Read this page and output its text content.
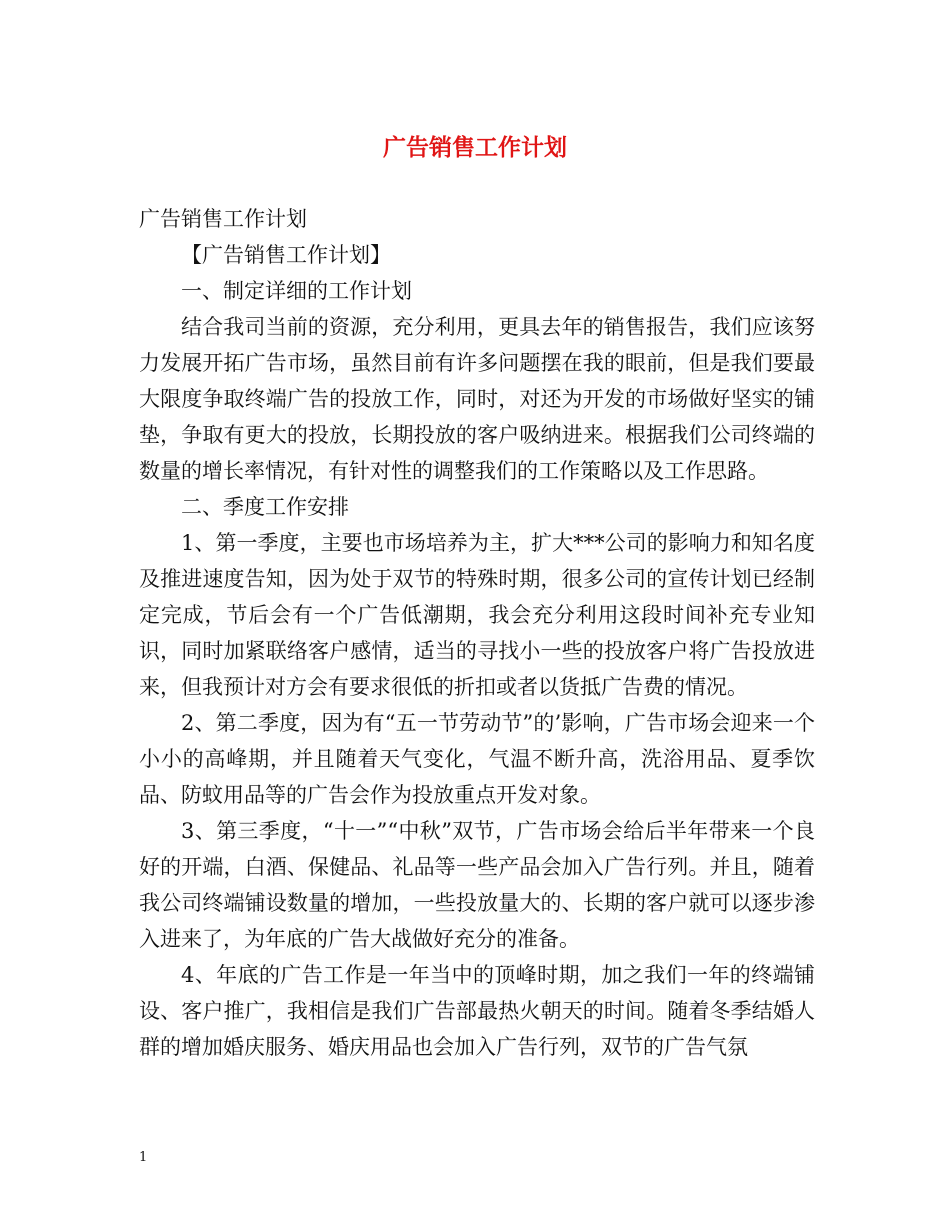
广告销售工作计划

广告销售工作计划

【广告销售工作计划】

一、制定详细的工作计划

结合我司当前的资源，充分利用，更具去年的销售报告，我们应该努力发展开拓广告市场，虽然目前有许多问题摆在我的眼前，但是我们要最大限度争取终端广告的投放工作，同时，对还为开发的市场做好坚实的铺垫，争取有更大的投放，长期投放的客户吸纳进来。根据我们公司终端的数量的增长率情况，有针对性的调整我们的工作策略以及工作思路。

二、季度工作安排

1、第一季度，主要也市场培养为主，扩大***公司的影响力和知名度及推进速度告知，因为处于双节的特殊时期，很多公司的宣传计划已经制定完成，节后会有一个广告低潮期，我会充分利用这段时间补充专业知识，同时加紧联络客户感情，适当的寻找小一些的投放客户将广告投放进来，但我预计对方会有要求很低的折扣或者以货抵广告费的情况。

2、第二季度，因为有“五一节劳动节”的’影响，广告市场会迎来一个小小的高峰期，并且随着天气变化，气温不断升高，洗浴用品、夏季饮品、防蚊用品等的广告会作为投放重点开发对象。

3、第三季度，“十一”“中秋”双节，广告市场会给后半年带来一个良好的开端，白酒、保健品、礼品等一些产品会加入广告行列。并且，随着我公司终端铺设数量的增加，一些投放量大的、长期的客户就可以逐步渗入进来了，为年底的广告大战做好充分的准备。

4、年底的广告工作是一年当中的顶峰时期，加之我们一年的终端铺设、客户推广，我相信是我们广告部最热火朝天的时间。随着冬季结婚人群的增加婚庆服务、婚庆用品也会加入广告行列，双节的广告气氛

1
